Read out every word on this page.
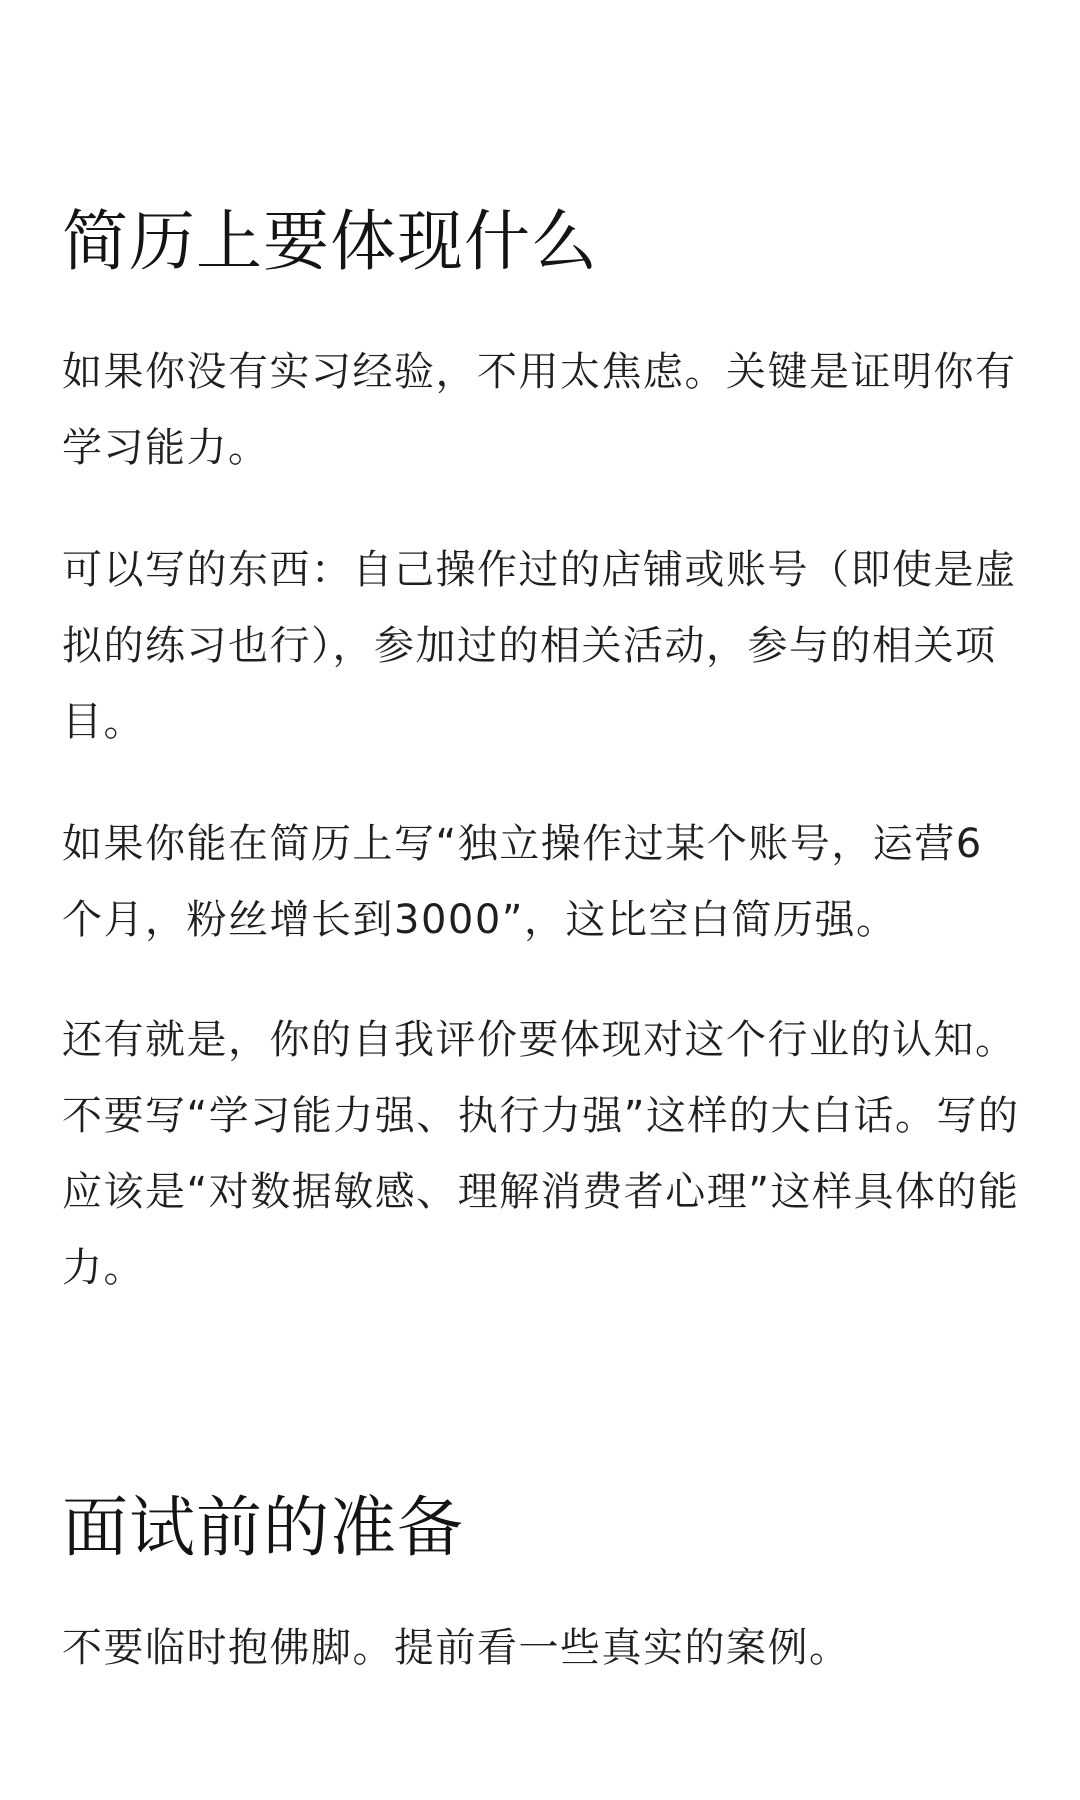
简历上要体现什么

如果你没有实习经验，不用太焦虑。关键是证明你有学习能力。

可以写的东西：自己操作过的店铺或账号（即使是虚拟的练习也行），参加过的相关活动，参与的相关项目。

如果你能在简历上写“独立操作过某个账号，运营6个月，粉丝增长到3000”，这比空白简历强。

还有就是，你的自我评价要体现对这个行业的认知。不要写“学习能力强、执行力强”这样的大白话。写的应该是“对数据敏感、理解消费者心理”这样具体的能力。

面试前的准备

不要临时抱佛脚。提前看一些真实的案例。
